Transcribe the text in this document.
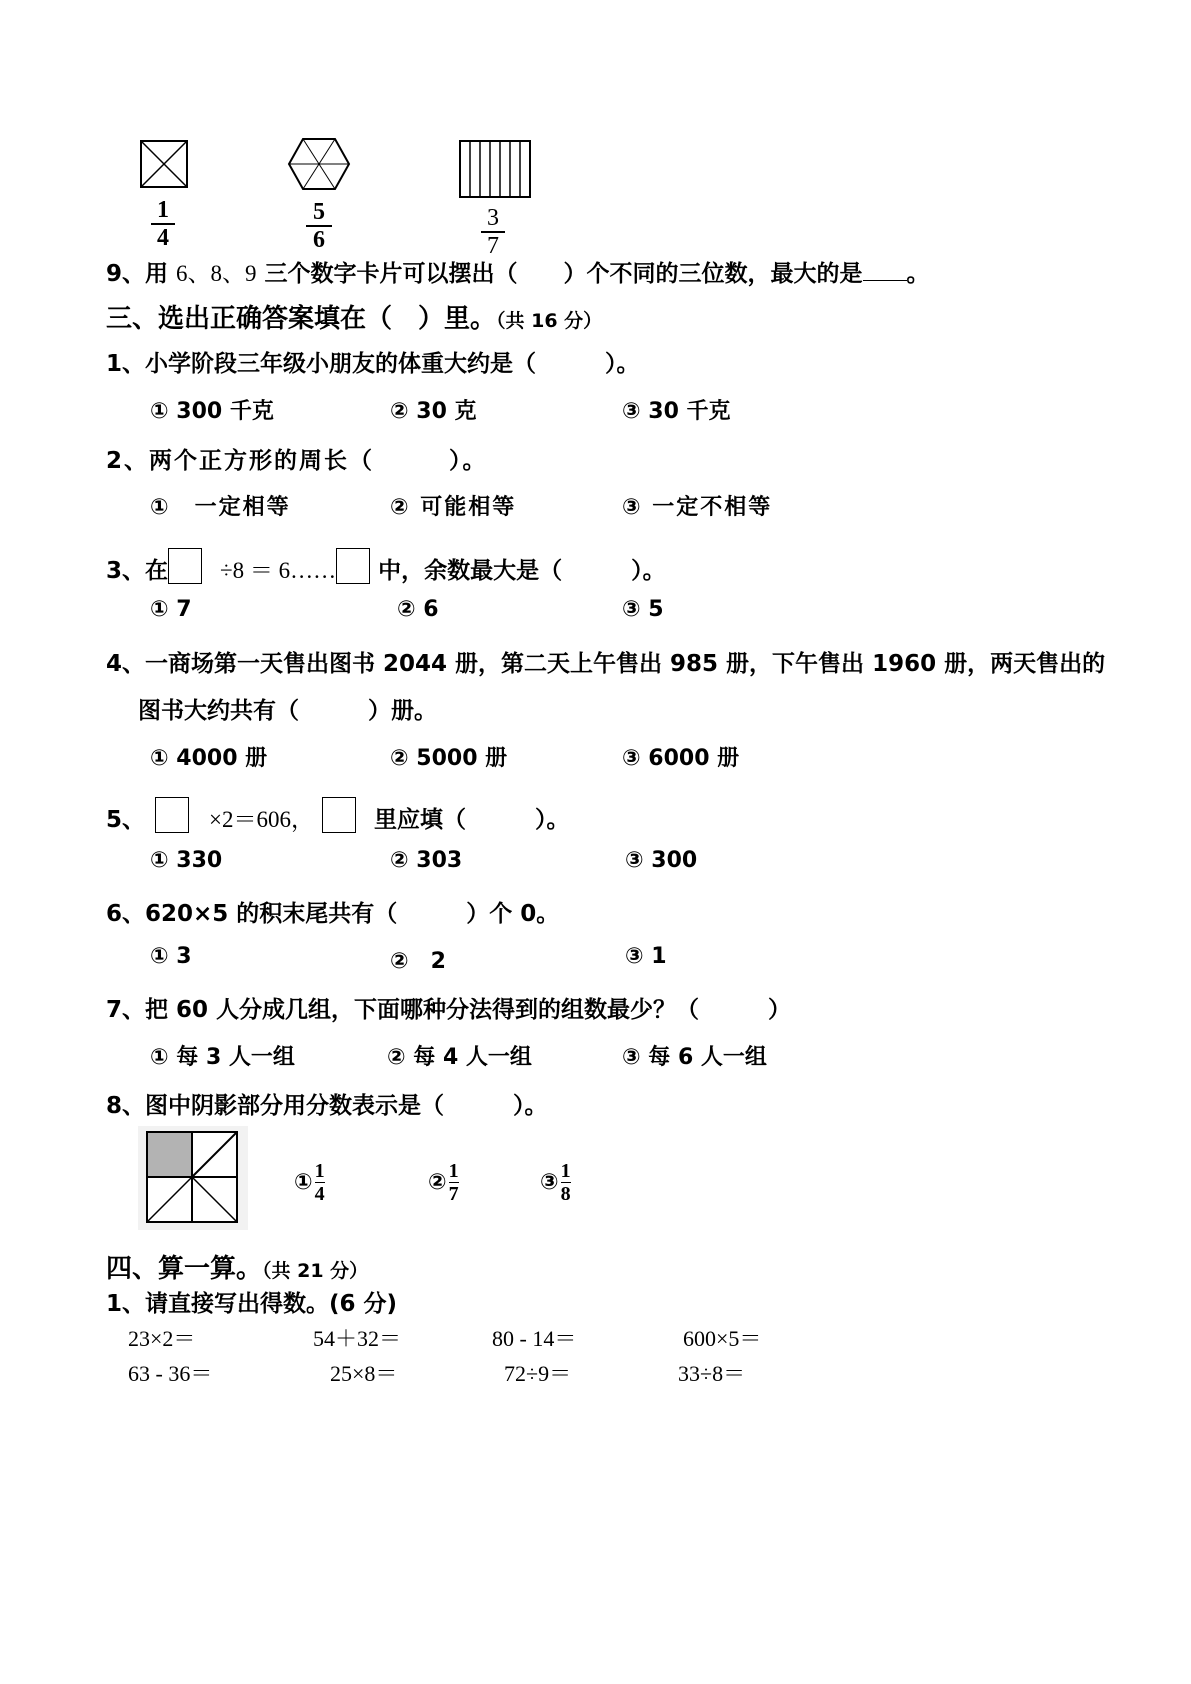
$\frac{1}{4}$	$\frac{5}{6}$	$\frac{3}{7}$
9、用 6、8、9 三个数字卡片可以摆出（　　）个不同的三位数，最大的是 。
三、选出正确答案填在（　）里。（共 16 分）
1、小学阶段三年级小朋友的体重大约是（　　　）。
① 300 千克	② 30 克	③ 30 千克
2、两个正方形的周长（　　　）。
①　一定相等	② 可能相等	③ 一定不相等
3、在 ÷8 ＝ 6…… 中，余数最大是（　　　）。
① 7	② 6	③ 5
4、一商场第一天售出图书 2044 册，第二天上午售出 985 册，下午售出 1960 册，两天售出的
图书大约共有（　　　）册。
① 4000 册	② 5000 册	③ 6000 册
5、	×2＝606，	里应填（　　　）。
① 330	② 303	③ 300
6、620×5 的积末尾共有（　　　）个 0。
① 3	②　2	③ 1
7、把 60 人分成几组，下面哪种分法得到的组数最少？（　　　）
① 每 3 人一组	② 每 4 人一组	③ 每 6 人一组
8、图中阴影部分用分数表示是（　　　）。
① $\frac{1}{4}$	② $\frac{1}{7}$	③ $\frac{1}{8}$
四、算一算。（共 21 分）
1、请直接写出得数。(6 分)
23×2＝	54＋32＝	80 - 14＝	600×5＝
63 - 36＝	25×8＝	72÷9＝	33÷8＝
